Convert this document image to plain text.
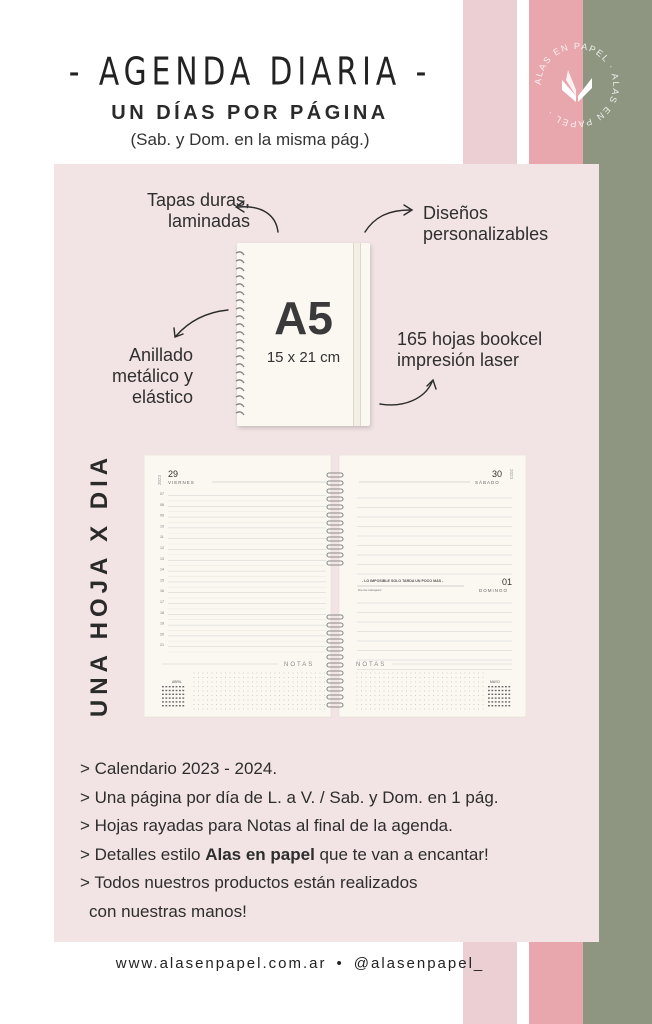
ALAS EN PAPEL · ALAS EN PAPEL ·
- AGENDA DIARIA -
UN DÍAS POR PÁGINA
(Sab. y Dom. en la misma pág.)
Tapas duras,
laminadas	Diseños
personalizables
Anillado
metálico y
elástico
165 hojas bookcel
impresión laser
A5
15 x 21 cm
UNA HOJA X DIA	29
2023 VIERNES
30 2023
SÁBADO
07
08
09
10
11
12
13
14
15
16
17
18
19
20
21
- LO IMPOSIBLE SOLO TARDA UN POCO MAS -
Dia del trabajador
01
DOMINGO
NOTAS	NOTAS
ABRIL	MAYO
> Calendario 2023 - 2024.
> Una página por día de L. a V. / Sab. y Dom. en 1 pág.
> Hojas rayadas para Notas al final de la agenda.
> Detalles estilo Alas en papel que te van a encantar!
> Todos nuestros productos están realizados
con nuestras manos!
www.alasenpapel.com.ar • @alasenpapel_
